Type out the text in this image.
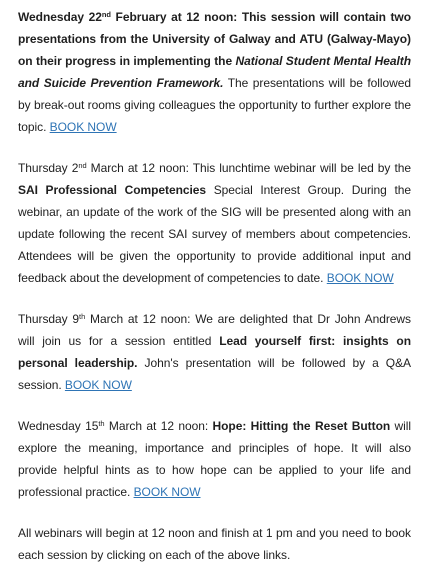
Wednesday 22nd February at 12 noon: This session will contain two presentations from the University of Galway and ATU (Galway-Mayo) on their progress in implementing the National Student Mental Health and Suicide Prevention Framework. The presentations will be followed by break-out rooms giving colleagues the opportunity to further explore the topic. BOOK NOW

Thursday 2nd March at 12 noon: This lunchtime webinar will be led by the SAI Professional Competencies Special Interest Group. During the webinar, an update of the work of the SIG will be presented along with an update following the recent SAI survey of members about competencies. Attendees will be given the opportunity to provide additional input and feedback about the development of competencies to date. BOOK NOW

Thursday 9th March at 12 noon: We are delighted that Dr John Andrews will join us for a session entitled Lead yourself first: insights on personal leadership. John's presentation will be followed by a Q&A session. BOOK NOW

Wednesday 15th March at 12 noon: Hope: Hitting the Reset Button will explore the meaning, importance and principles of hope. It will also provide helpful hints as to how hope can be applied to your life and professional practice. BOOK NOW

All webinars will begin at 12 noon and finish at 1 pm and you need to book each session by clicking on each of the above links.
